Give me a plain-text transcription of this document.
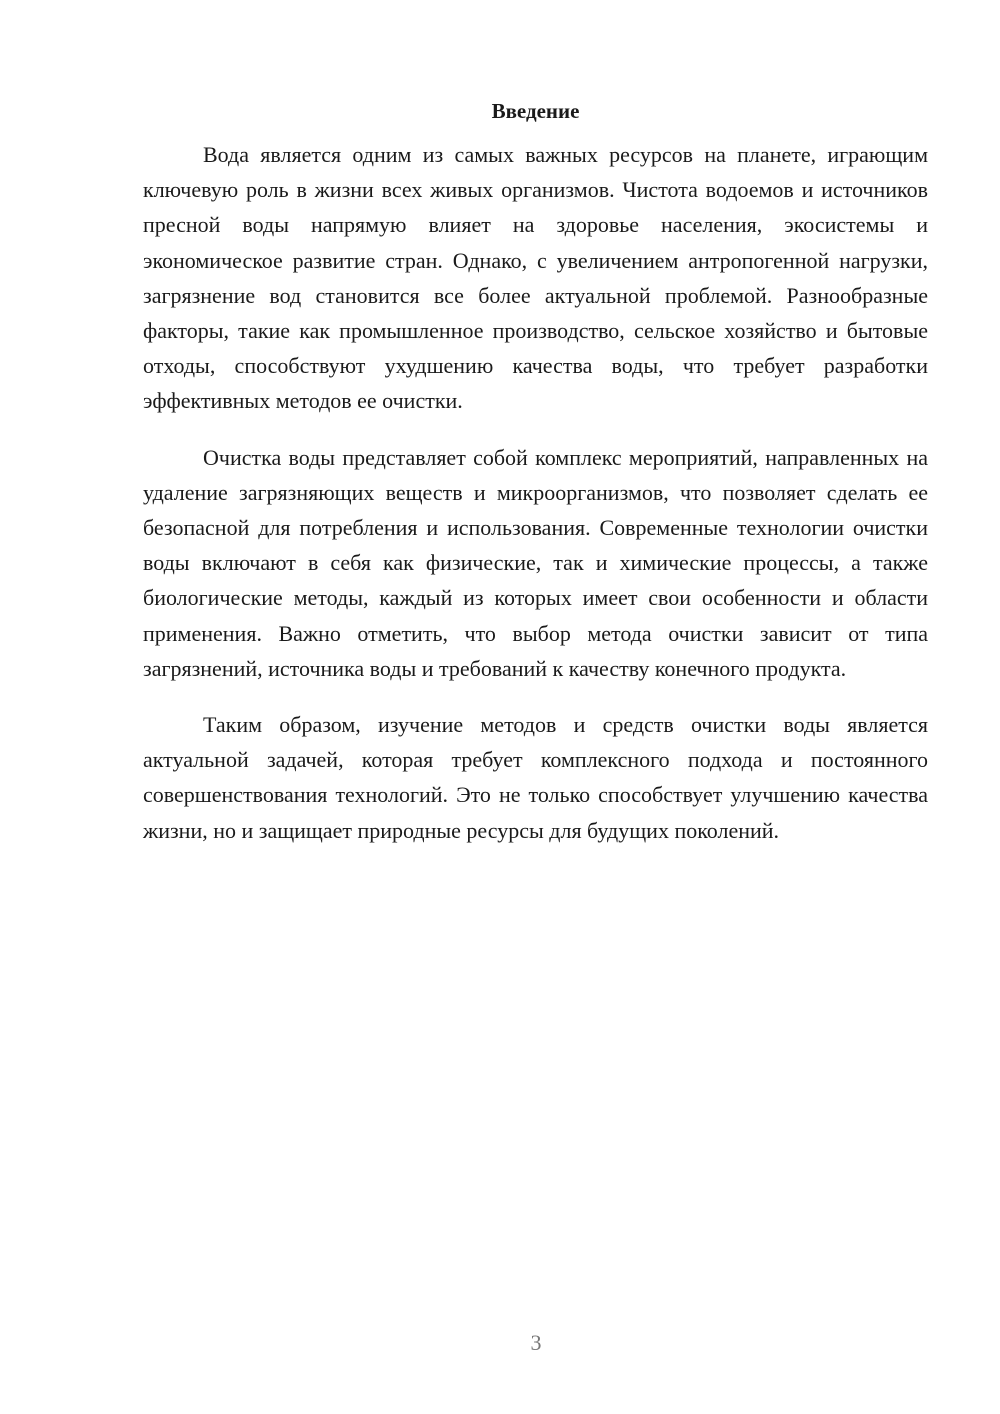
Введение

Вода является одним из самых важных ресурсов на планете, играющим ключевую роль в жизни всех живых организмов. Чистота водоемов и источников пресной воды напрямую влияет на здоровье населения, экосистемы и экономическое развитие стран. Однако, с увеличением антропогенной нагрузки, загрязнение вод становится все более актуальной проблемой. Разнообразные факторы, такие как промышленное производство, сельское хозяйство и бытовые отходы, способствуют ухудшению качества воды, что требует разработки эффективных методов ее очистки.

Очистка воды представляет собой комплекс мероприятий, направленных на удаление загрязняющих веществ и микроорганизмов, что позволяет сделать ее безопасной для потребления и использования. Современные технологии очистки воды включают в себя как физические, так и химические процессы, а также биологические методы, каждый из которых имеет свои особенности и области применения. Важно отметить, что выбор метода очистки зависит от типа загрязнений, источника воды и требований к качеству конечного продукта.

Таким образом, изучение методов и средств очистки воды является актуальной задачей, которая требует комплексного подхода и постоянного совершенствования технологий. Это не только способствует улучшению качества жизни, но и защищает природные ресурсы для будущих поколений.

3
